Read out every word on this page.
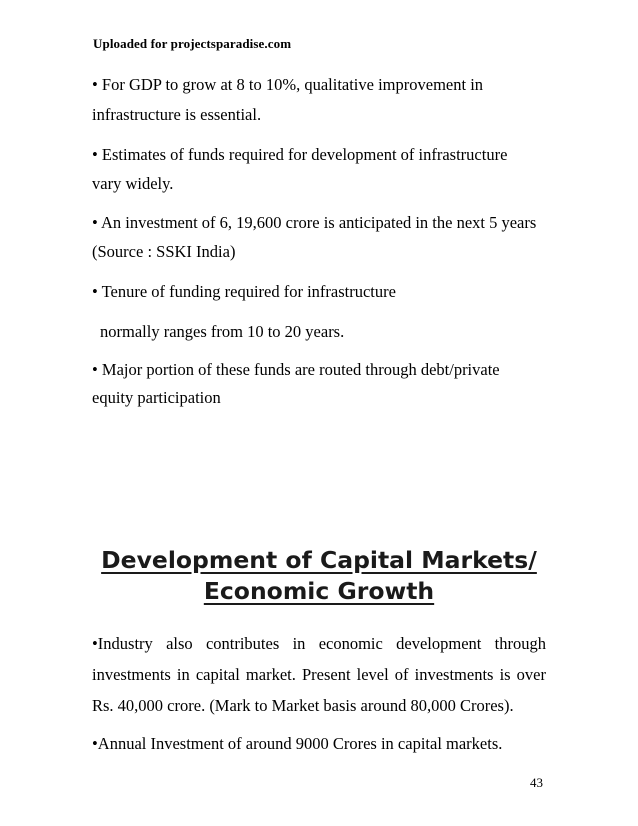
Uploaded for projectsparadise.com
• For GDP to grow at 8 to 10%, qualitative improvement in
infrastructure is essential.
• Estimates of funds required for development of infrastructure
vary widely.
• An investment of 6, 19,600 crore is anticipated in the next 5 years
(Source : SSKI India)
• Tenure of funding required for infrastructure
normally ranges from 10 to 20 years.
• Major portion of these funds are routed through debt/private
equity participation
Development of Capital Markets/
Economic Growth
•Industry also contributes in economic development through
investments in capital market. Present level of investments is over
Rs. 40,000 crore. (Mark to Market basis around 80,000 Crores).
•Annual Investment of around 9000 Crores in capital markets.
43
